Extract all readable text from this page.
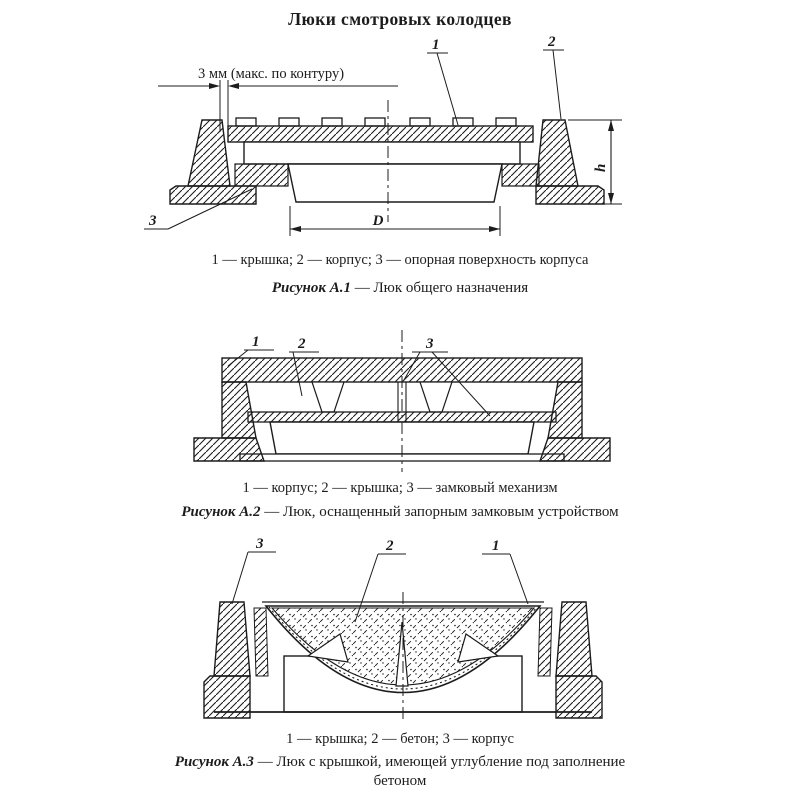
Люки смотровых колодцев
3 мм (макс. по контуру)
D
h
1	2
3
1 — крышка; 2 — корпус; 3 — опорная поверхность корпуса
Рисунок А.1 — Люк общего назначения
1	2	3
1 — корпус; 2 — крышка; 3 — замковый механизм
Рисунок А.2 — Люк, оснащенный запорным замковым устройством
3	2	1
1 — крышка; 2 — бетон; 3 — корпус
Рисунок А.3 — Люк с крышкой, имеющей углубление под заполнение
бетоном
